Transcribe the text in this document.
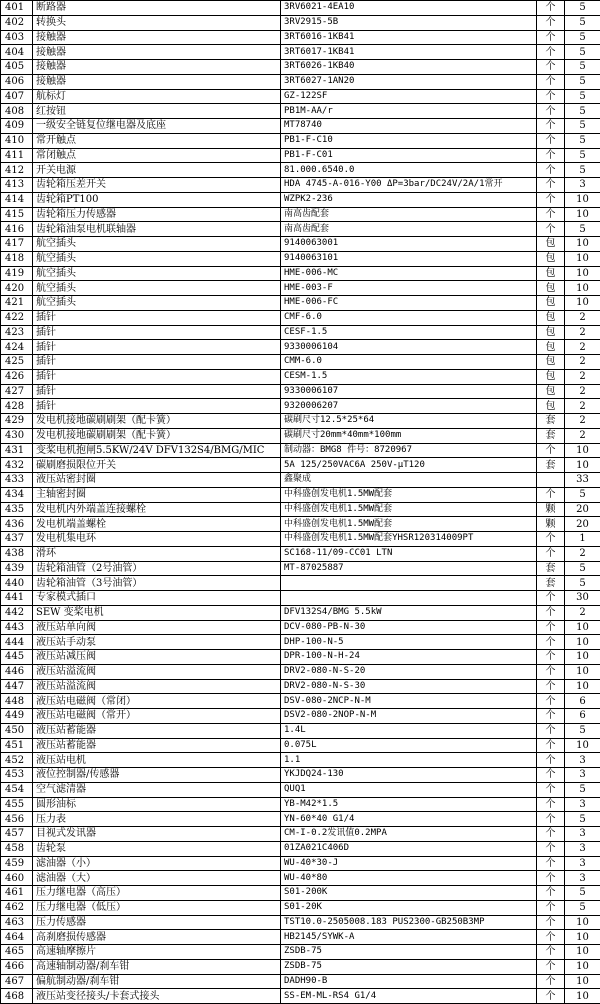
401	断路器	3RV6021-4EA10	个	5
402	转换头	3RV2915-5B	个	5
403	接触器	3RT6016-1KB41	个	5
404	接触器	3RT6017-1KB41	个	5
405	接触器	3RT6026-1KB40	个	5
406	接触器	3RT6027-1AN20	个	5
407	航标灯	GZ-122SF	个	5
408	红按钮	PB1M-AA/r	个	5
409	一级安全链复位继电器及底座	MT78740	个	5
410	常开触点	PB1-F-C10	个	5
411	常闭触点	PB1-F-C01	个	5
412	开关电源	81.000.6540.0	个	5
413	齿轮箱压差开关	HDA 4745-A-016-Y00 ΔP=3bar/DC24V/2A/1常开	个	3
414	齿轮箱PT100	WZPK2-236	个	10
415	齿轮箱压力传感器	南高齿配套	个	10
416	齿轮箱油泵电机联轴器	南高齿配套	个	5
417	航空插头	9140063001	包	10
418	航空插头	9140063101	包	10
419	航空插头	HME-006-MC	包	10
420	航空插头	HME-003-F	包	10
421	航空插头	HME-006-FC	包	10
422	插针	CMF-6.0	包	2
423	插针	CESF-1.5	包	2
424	插针	9330006104	包	2
425	插针	CMM-6.0	包	2
426	插针	CESM-1.5	包	2
427	插针	9330006107	包	2
428	插针	9320006207	包	2
429	发电机接地碳刷刷架（配卡簧）	碳刷尺寸12.5*25*64	套	2
430	发电机接地碳刷刷架（配卡簧）	碳刷尺寸20mm*40mm*100mm	套	2
431	变桨电机抱闸5.5KW/24V DFV132S4/BMG/MIC	制动器：BMG8 件号：8720967	个	10
432	碳刷磨损限位开关	5A 125/250VAC6A 250V-μT120	套	10
433	液压站密封圈	鑫聚成		33
434	主轴密封圈	中科盛创发电机1.5MW配套	个	5
435	发电机内外端盖连接螺栓	中科盛创发电机1.5MW配套	颗	20
436	发电机端盖螺栓	中科盛创发电机1.5MW配套	颗	20
437	发电机集电环	中科盛创发电机1.5MW配套YHSR120314009PT	个	1
438	滑环	SC168-11/09-CC01 LTN	个	2
439	齿轮箱油管（2号油管）	MT-87025887	套	5
440	齿轮箱油管（3号油管）		套	5
441	专家模式插口		个	30
442	SEW 变桨电机	DFV132S4/BMG 5.5kW	个	2
443	液压站单向阀	DCV-080-PB-N-30	个	10
444	液压站手动泵	DHP-100-N-5	个	10
445	液压站减压阀	DPR-100-N-H-24	个	10
446	液压站溢流阀	DRV2-080-N-S-20	个	10
447	液压站溢流阀	DRV2-080-N-S-30	个	10
448	液压站电磁阀（常闭）	DSV-080-2NCP-N-M	个	6
449	液压站电磁阀（常开）	DSV2-080-2NOP-N-M	个	6
450	液压站蓄能器	1.4L	个	5
451	液压站蓄能器	0.075L	个	10
452	液压站电机	1.1	个	3
453	液位控制器/传感器	YKJDQ24-130	个	3
454	空气滤清器	QUQ1	个	5
455	圆形油标	YB-M42*1.5	个	3
456	压力表	YN-60*40 G1/4	个	5
457	目视式发讯器	CM-I-0.2发讯值0.2MPA	个	3
458	齿轮泵	01ZA021C406D	个	3
459	滤油器（小）	WU-40*30-J	个	3
460	滤油器（大）	WU-40*80	个	3
461	压力继电器（高压）	S01-200K	个	5
462	压力继电器（低压）	S01-20K	个	5
463	压力传感器	TST10.0-2505008.183 PUS2300-GB250B3MP	个	10
464	高刹磨损传感器	HB2145/SYWK-A	个	10
465	高速轴摩擦片	ZSDB-75	个	10
466	高速轴制动器/刹车钳	ZSDB-75	个	10
467	偏航制动器/刹车钳	DADH90-B	个	10
468	液压站变径接头/卡套式接头	SS-EM-ML-RS4 G1/4	个	10
